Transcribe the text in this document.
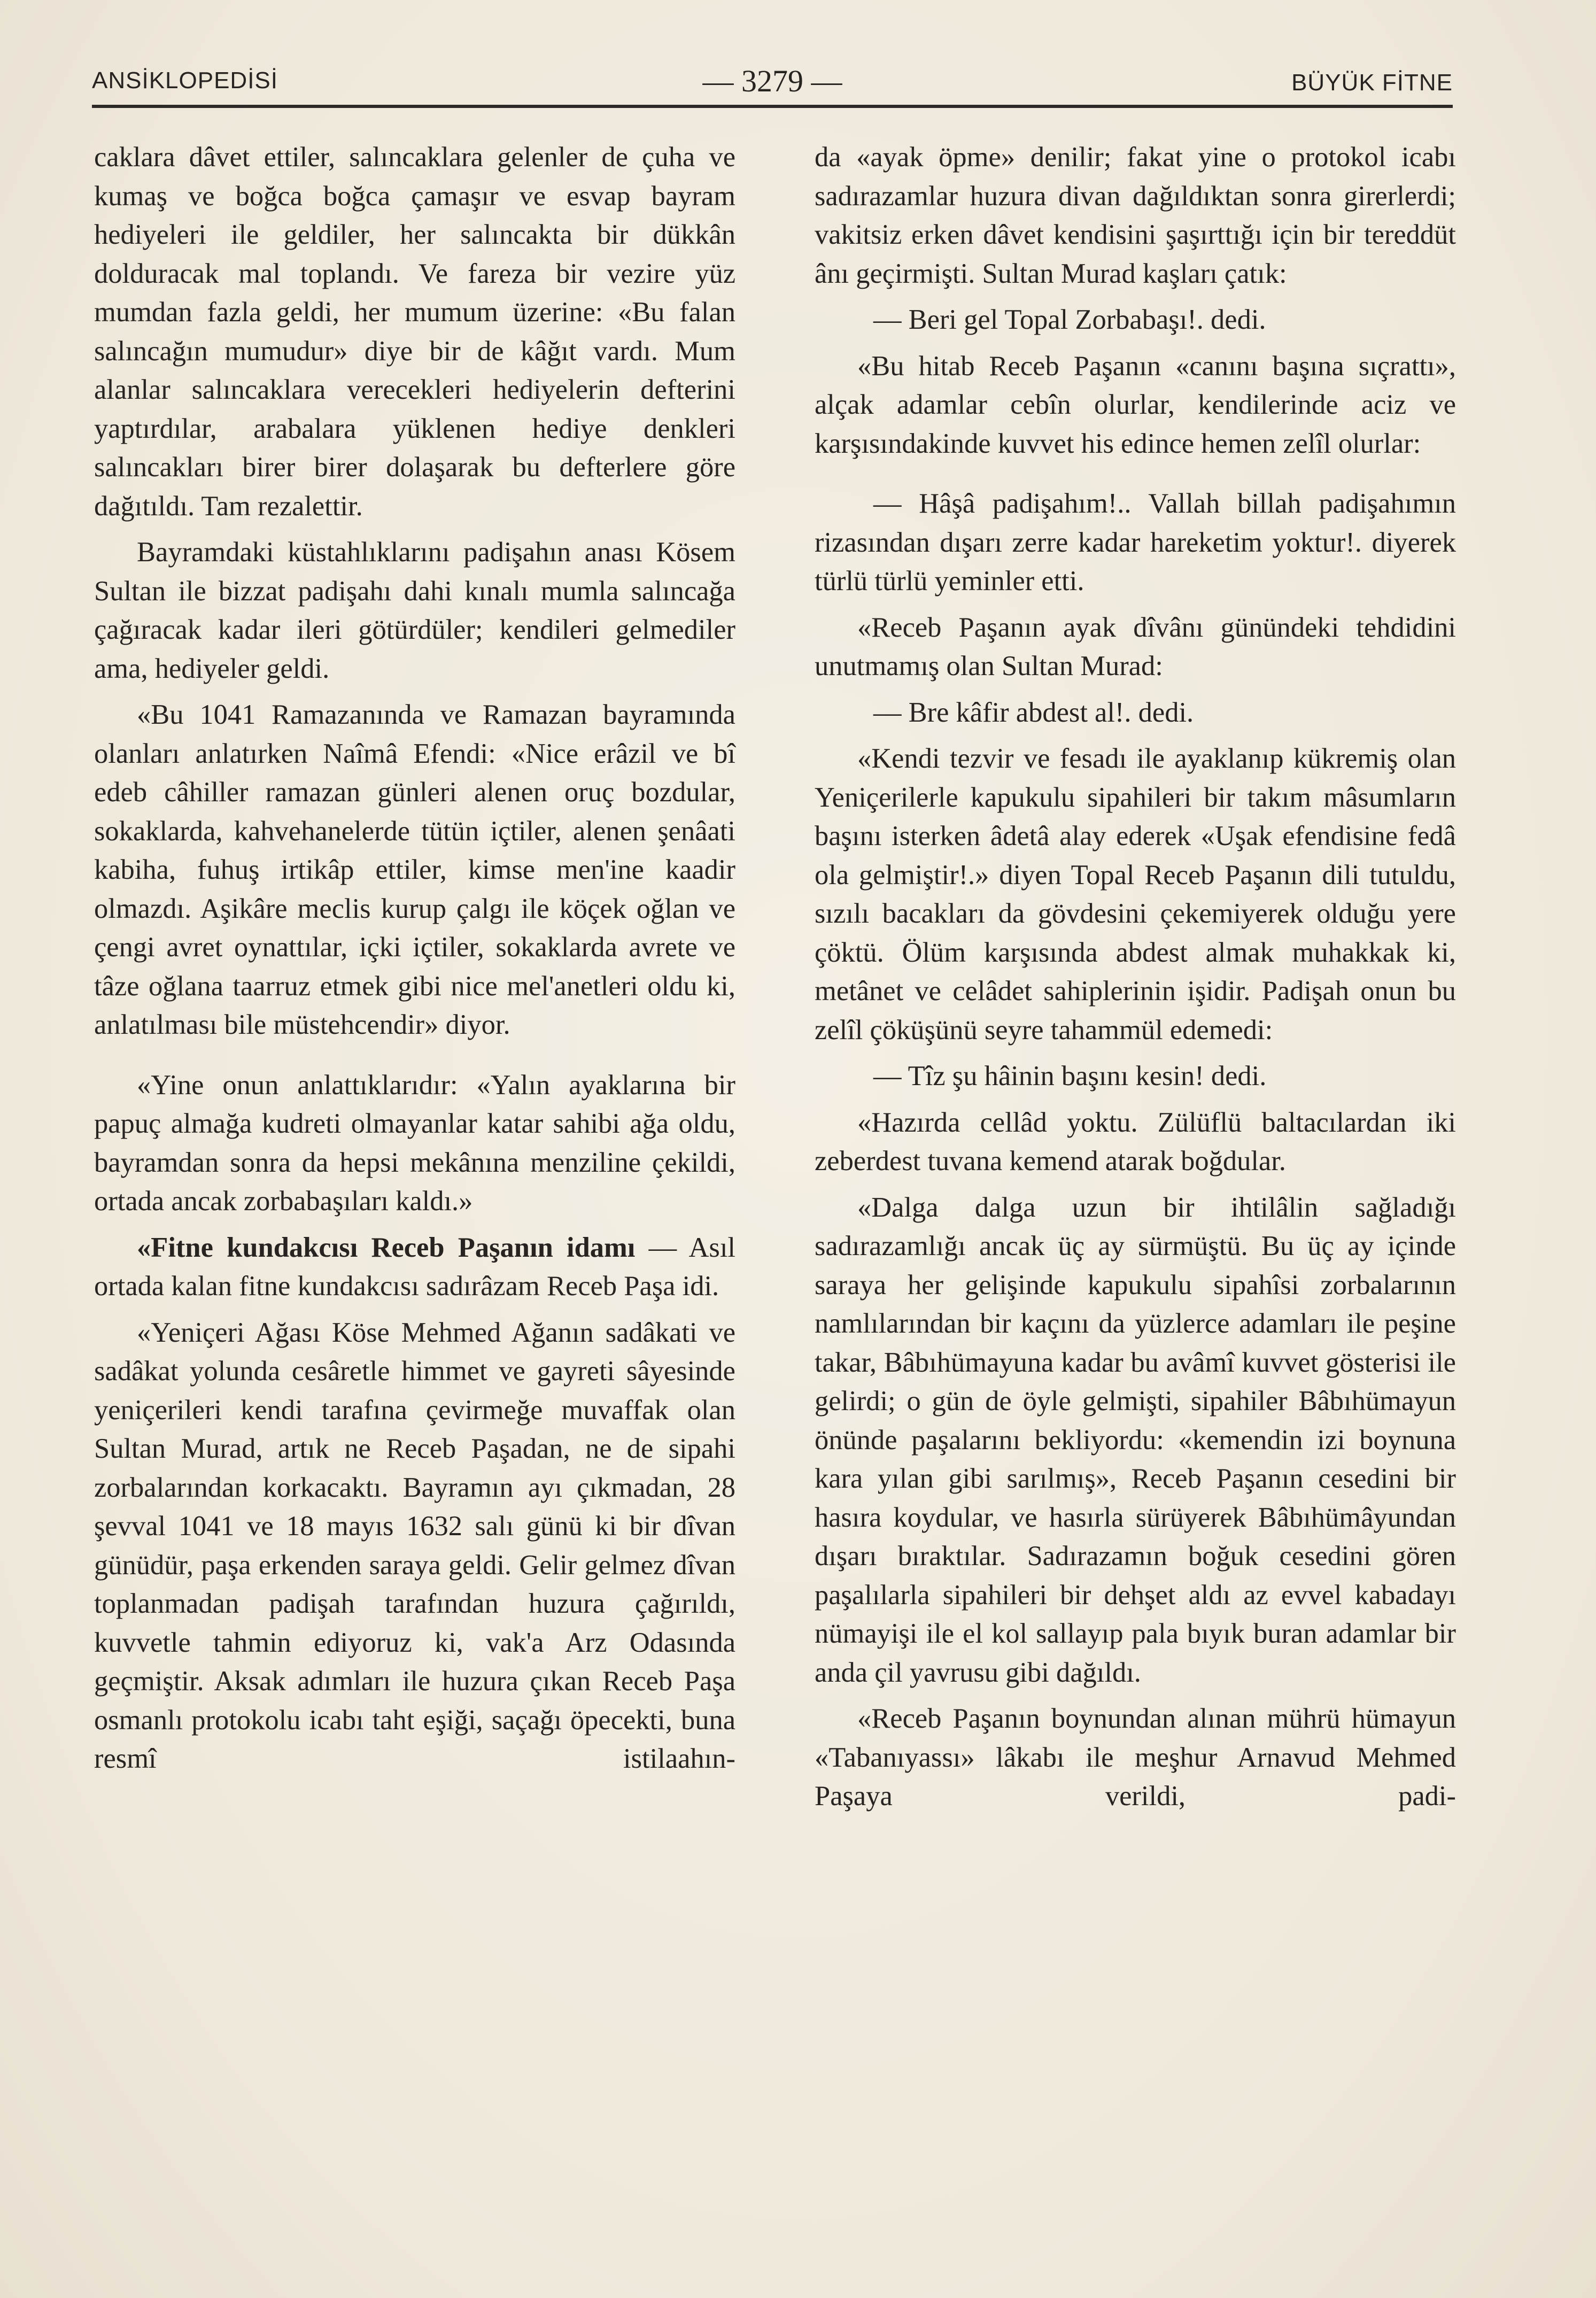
ANSİKLOPEDİSİ	— 3279 —	BÜYÜK FİTNE

caklara dâvet ettiler, salıncaklara gelenler de çuha ve kumaş ve boğca boğca çamaşır ve esvap bayram hediyeleri ile geldiler, her salıncakta bir dükkân dolduracak mal toplandı. Ve fareza bir vezire yüz mumdan fazla geldi, her mumum üzerine: «Bu falan salıncağın mumudur» diye bir de kâğıt vardı. Mum alanlar salıncaklara verecekleri hediyelerin defterini yaptırdılar, arabalara yüklenen hediye denkleri salıncakları birer birer dolaşarak bu defterlere göre dağıtıldı. Tam rezalettir.

Bayramdaki küstahlıklarını padişahın anası Kösem Sultan ile bizzat padişahı dahi kınalı mumla salıncağa çağıracak kadar ileri götürdüler; kendileri gelmediler ama, hediyeler geldi.

«Bu 1041 Ramazanında ve Ramazan bayramında olanları anlatırken Naîmâ Efendi: «Nice erâzil ve bî edeb câhiller ramazan günleri alenen oruç bozdular, sokaklarda, kahvehanelerde tütün içtiler, alenen şenâati kabiha, fuhuş irtikâp ettiler, kimse men'ine kaadir olmazdı. Aşikâre meclis kurup çalgı ile köçek oğlan ve çengi avret oynattılar, içki içtiler, sokaklarda avrete ve tâze oğlana taarruz etmek gibi nice mel'anetleri oldu ki, anlatılması bile müstehcendir» diyor.

«Yine onun anlattıklarıdır: «Yalın ayaklarına bir papuç almağa kudreti olmayanlar katar sahibi ağa oldu, bayramdan sonra da hepsi mekânına menziline çekildi, ortada ancak zorbabaşıları kaldı.»

«Fitne kundakcısı Receb Paşanın idamı — Asıl ortada kalan fitne kundakcısı sadırâzam Receb Paşa idi.

«Yeniçeri Ağası Köse Mehmed Ağanın sadâkati ve sadâkat yolunda cesâretle himmet ve gayreti sâyesinde yeniçerileri kendi tarafına çevirmeğe muvaffak olan Sultan Murad, artık ne Receb Paşadan, ne de sipahi zorbalarından korkacaktı. Bayramın ayı çıkmadan, 28 şevval 1041 ve 18 mayıs 1632 salı günü ki bir dîvan günüdür, paşa erkenden saraya geldi. Gelir gelmez dîvan toplanmadan padişah tarafından huzura çağırıldı, kuvvetle tahmin ediyoruz ki, vak'a Arz Odasında geçmiştir. Aksak adımları ile huzura çıkan Receb Paşa osmanlı protokolu icabı taht eşiği, saçağı öpecekti, buna resmî istilaahın-

da «ayak öpme» denilir; fakat yine o protokol icabı sadırazamlar huzura divan dağıldıktan sonra girerlerdi; vakitsiz erken dâvet kendisini şaşırttığı için bir tereddüt ânı geçirmişti. Sultan Murad kaşları çatık:

— Beri gel Topal Zorbabaşı!. dedi.

«Bu hitab Receb Paşanın «canını başına sıçrattı», alçak adamlar cebîn olurlar, kendilerinde aciz ve karşısındakinde kuvvet his edince hemen zelîl olurlar:

— Hâşâ padişahım!.. Vallah billah padişahımın rizasından dışarı zerre kadar hareketim yoktur!. diyerek türlü türlü yeminler etti.

«Receb Paşanın ayak dîvânı günündeki tehdidini unutmamış olan Sultan Murad:

— Bre kâfir abdest al!. dedi.

«Kendi tezvir ve fesadı ile ayaklanıp kükremiş olan Yeniçerilerle kapukulu sipahileri bir takım mâsumların başını isterken âdetâ alay ederek «Uşak efendisine fedâ ola gelmiştir!.» diyen Topal Receb Paşanın dili tutuldu, sızılı bacakları da gövdesini çekemiyerek olduğu yere çöktü. Ölüm karşısında abdest almak muhakkak ki, metânet ve celâdet sahiplerinin işidir. Padişah onun bu zelîl çöküşünü seyre tahammül edemedi:

— Tîz şu hâinin başını kesin! dedi.

«Hazırda cellâd yoktu. Zülüflü baltacılardan iki zeberdest tuvana kemend atarak boğdular.

«Dalga dalga uzun bir ihtilâlin sağladığı sadırazamlığı ancak üç ay sürmüştü. Bu üç ay içinde saraya her gelişinde kapukulu sipahîsi zorbalarının namlılarından bir kaçını da yüzlerce adamları ile peşine takar, Bâbıhümayuna kadar bu avâmî kuvvet gösterisi ile gelirdi; o gün de öyle gelmişti, sipahiler Bâbıhümayun önünde paşalarını bekliyordu: «kemendin izi boynuna kara yılan gibi sarılmış», Receb Paşanın cesedini bir hasıra koydular, ve hasırla sürüyerek Bâbıhümâyundan dışarı bıraktılar. Sadırazamın boğuk cesedini gören paşalılarla sipahileri bir dehşet aldı az evvel kabadayı nümayişi ile el kol sallayıp pala bıyık buran adamlar bir anda çil yavrusu gibi dağıldı.

«Receb Paşanın boynundan alınan mührü hümayun «Tabanıyassı» lâkabı ile meşhur Arnavud Mehmed Paşaya verildi, padi-
